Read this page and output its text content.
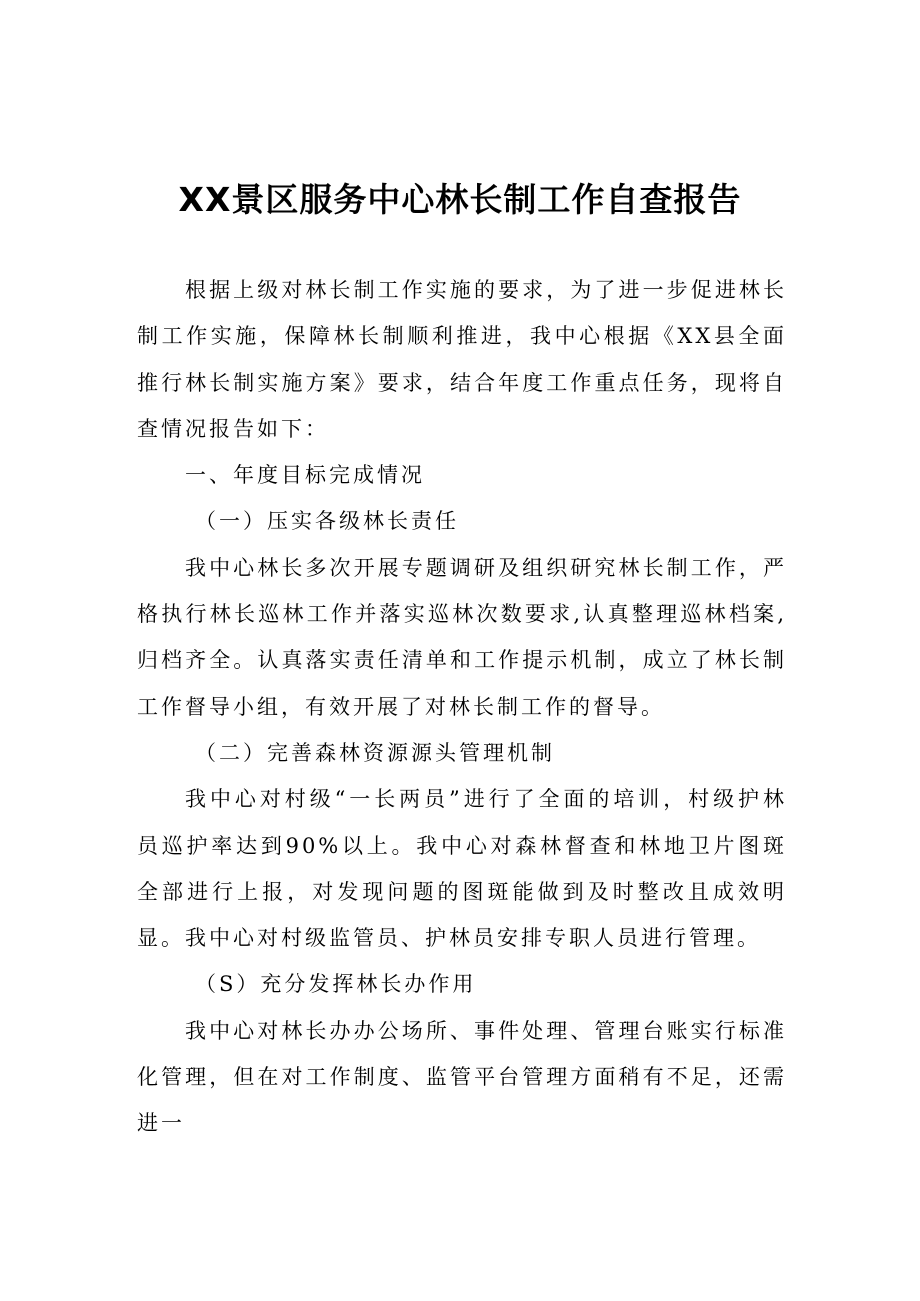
XX景区服务中心林长制工作自查报告

根据上级对林长制工作实施的要求，为了进一步促进林长制工作实施，保障林长制顺利推进，我中心根据《XX县全面推行林长制实施方案》要求，结合年度工作重点任务，现将自查情况报告如下：

一、年度目标完成情况

（一）压实各级林长责任

我中心林长多次开展专题调研及组织研究林长制工作，严格执行林长巡林工作并落实巡林次数要求,认真整理巡林档案,归档齐全。认真落实责任清单和工作提示机制，成立了林长制工作督导小组，有效开展了对林长制工作的督导。

（二）完善森林资源源头管理机制

我中心对村级“一长两员”进行了全面的培训，村级护林员巡护率达到90%以上。我中心对森林督查和林地卫片图斑全部进行上报，对发现问题的图斑能做到及时整改且成效明显。我中心对村级监管员、护林员安排专职人员进行管理。

（S）充分发挥林长办作用

我中心对林长办办公场所、事件处理、管理台账实行标准化管理，但在对工作制度、监管平台管理方面稍有不足，还需进一
